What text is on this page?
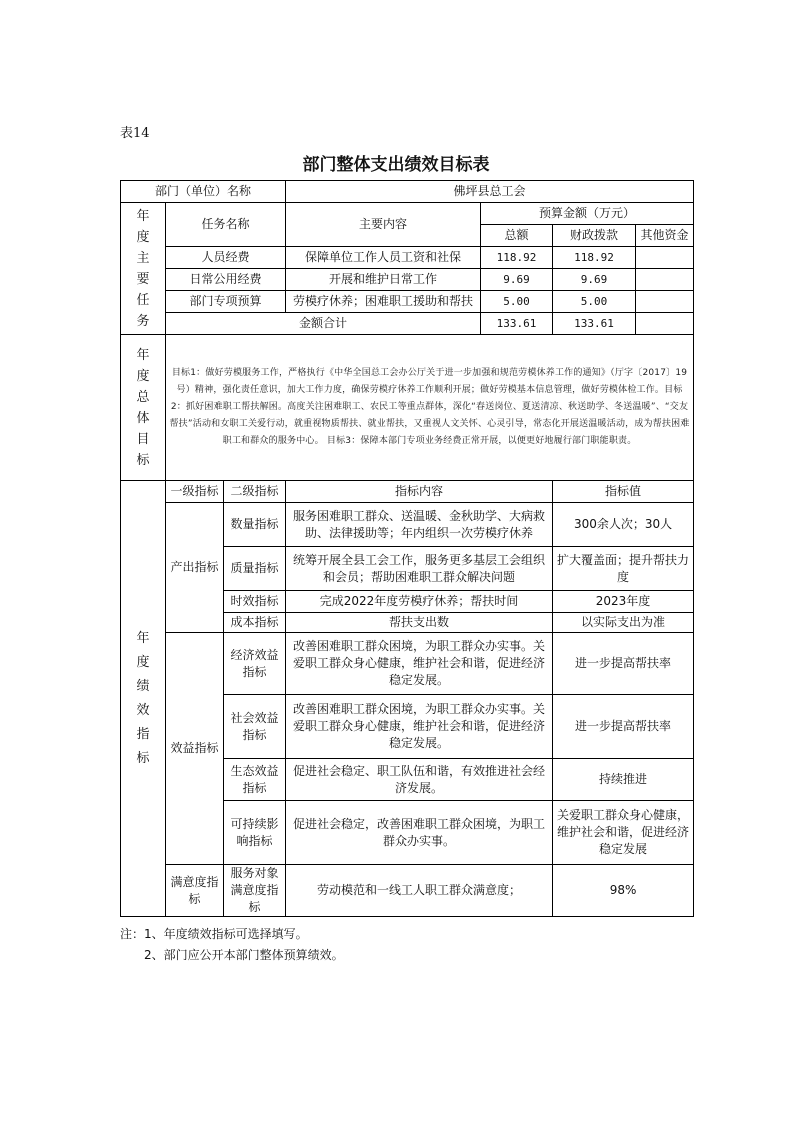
表14
部门整体支出绩效目标表
部门（单位）名称			佛坪县总工会			
年度主要任务	任务名称		主要内容	预算金额（万元）		
				总额	财政拨款	其他资金
	人员经费		保障单位工作人员工资和社保	118.92	118.92	
	日常公用经费		开展和维护日常工作	9.69	9.69	
	部门专项预算		劳模疗休养；困难职工援助和帮扶	5.00	5.00	
	金额合计			133.61	133.61	
年度总体目标	目标1：做好劳模服务工作，严格执行《中华全国总工会办公厅关于进一步加强和规范劳模休养工作的通知》（厅字〔2017〕19号）精神，强化责任意识，加大工作力度，确保劳模疗休养工作顺利开展；做好劳模基本信息管理，做好劳模体检工作。目标2：抓好困难职工帮扶解困。高度关注困难职工、农民工等重点群体，深化“春送岗位、夏送清凉、秋送助学、冬送温暖”、“交友帮扶”活动和女职工关爱行动，就重视物质帮扶、就业帮扶，又重视人文关怀、心灵引导，常态化开展送温暖活动，成为帮扶困难职工和群众的服务中心。 目标3：保障本部门专项业务经费正常开展，以便更好地履行部门职能职责。					
年度绩效指标	一级指标	二级指标	指标内容		指标值	
	产出指标	数量指标	服务困难职工群众、送温暖、金秋助学、大病救助、法律援助等；年内组织一次劳模疗休养		300余人次；30人	
		质量指标	统筹开展全县工会工作，服务更多基层工会组织和会员；帮助困难职工群众解决问题		扩大覆盖面；提升帮扶力度	
		时效指标	完成2022年度劳模疗休养；帮扶时间		2023年度	
		成本指标	帮扶支出数		以实际支出为准	
	效益指标	经济效益指标	改善困难职工群众困境，为职工群众办实事。关爱职工群众身心健康，维护社会和谐，促进经济稳定发展。		进一步提高帮扶率	
		社会效益指标	改善困难职工群众困境，为职工群众办实事。关爱职工群众身心健康，维护社会和谐，促进经济稳定发展。		进一步提高帮扶率	
		生态效益指标	促进社会稳定、职工队伍和谐，有效推进社会经济发展。		持续推进	
		可持续影响指标	促进社会稳定，改善困难职工群众困境，为职工群众办实事。		关爱职工群众身心健康，维护社会和谐，促进经济稳定发展	
	满意度指标	服务对象满意度指标	劳动模范和一线工人职工群众满意度；		98%	
注：1、年度绩效指标可选择填写。
2、部门应公开本部门整体预算绩效。
